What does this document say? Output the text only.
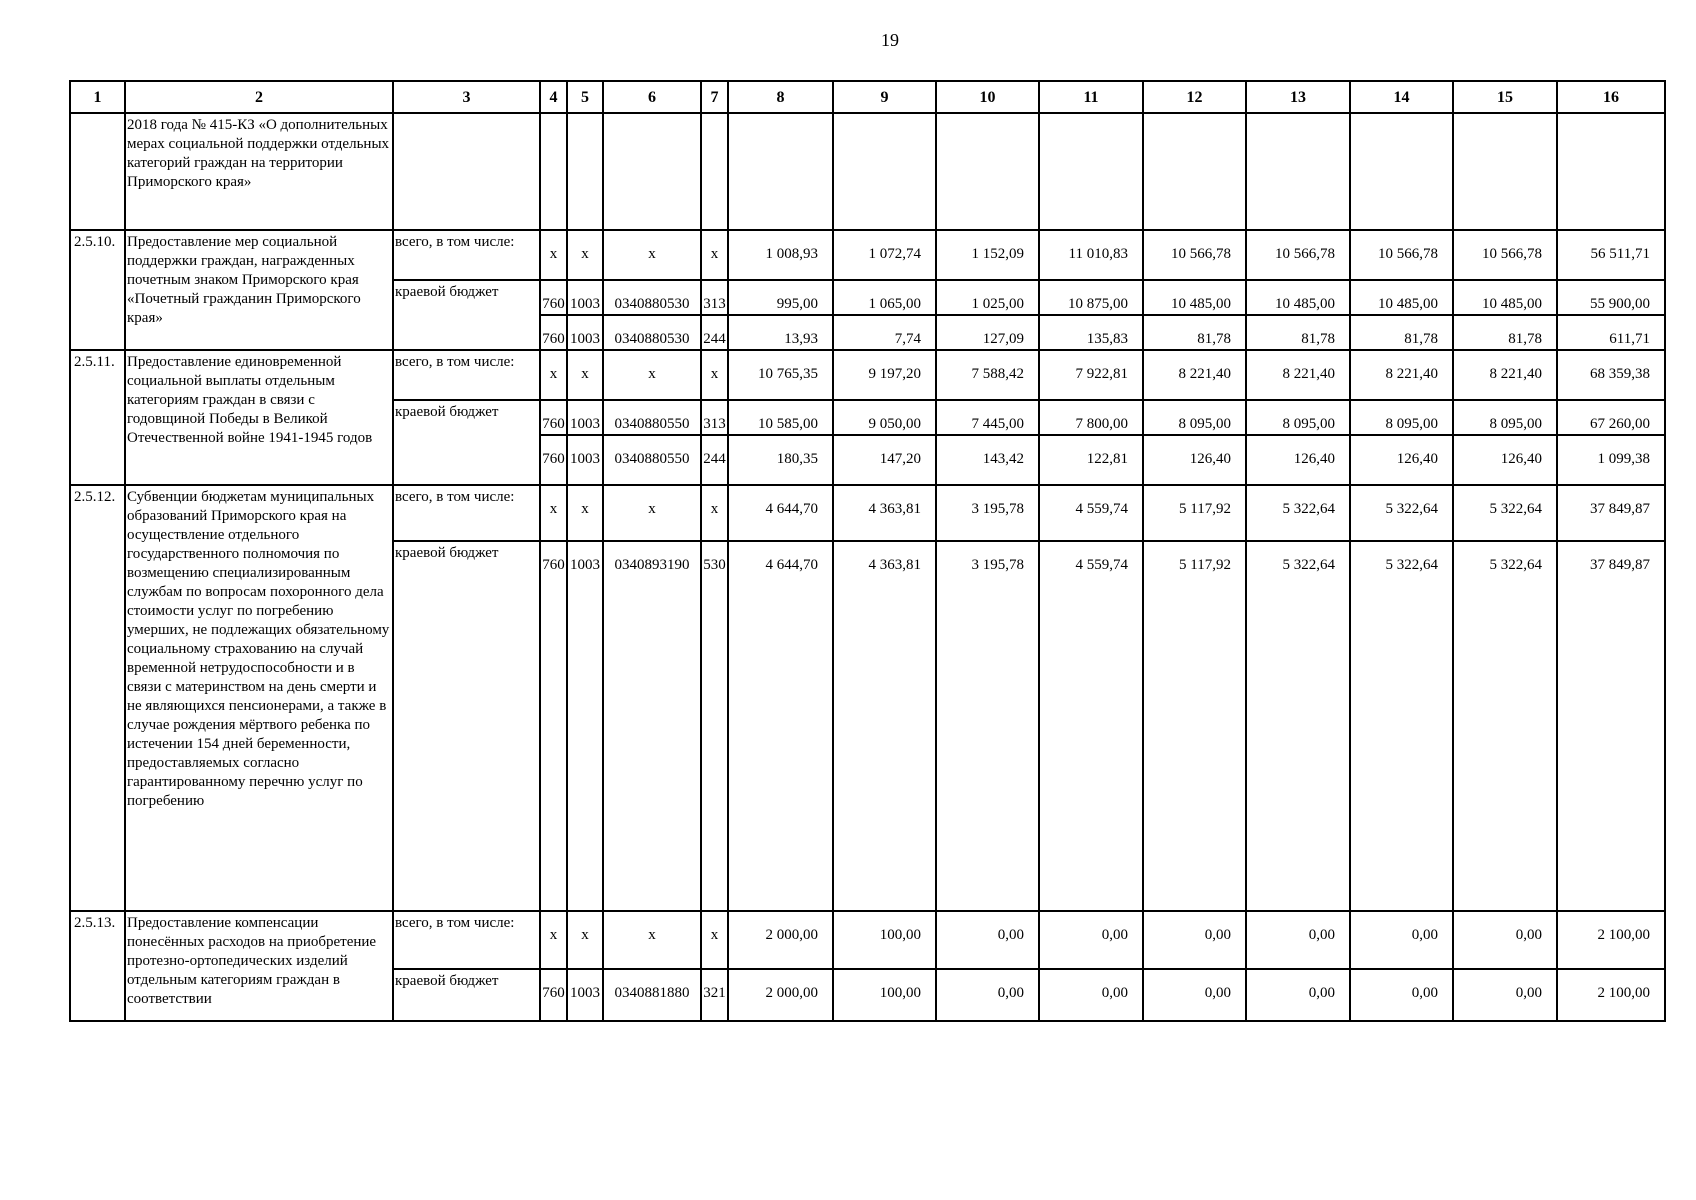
19
1	2	3	4	5	6	7	8	9	10	11	12	13	14	15	16
	2018 года № 415-КЗ «О дополнительных мерах социальной поддержки отдельных категорий граждан на территории Приморского края»														
2.5.10.	Предоставление мер социальной поддержки граждан, награжденных почетным знаком Приморского края «Почетный гражданин Приморского края»	всего, в том числе:	x	x	x	x	1 008,93	1 072,74	1 152,09	11 010,83	10 566,78	10 566,78	10 566,78	10 566,78	56 511,71
		краевой бюджет	760	1003	0340880530	313	995,00	1 065,00	1 025,00	10 875,00	10 485,00	10 485,00	10 485,00	10 485,00	55 900,00
			760	1003	0340880530	244	13,93	7,74	127,09	135,83	81,78	81,78	81,78	81,78	611,71
2.5.11.	Предоставление единовременной социальной выплаты отдельным категориям граждан в связи с годовщиной Победы в Великой Отечественной войне 1941-1945 годов	всего, в том числе:	x	x	x	x	10 765,35	9 197,20	7 588,42	7 922,81	8 221,40	8 221,40	8 221,40	8 221,40	68 359,38
		краевой бюджет	760	1003	0340880550	313	10 585,00	9 050,00	7 445,00	7 800,00	8 095,00	8 095,00	8 095,00	8 095,00	67 260,00
			760	1003	0340880550	244	180,35	147,20	143,42	122,81	126,40	126,40	126,40	126,40	1 099,38
2.5.12.	Субвенции бюджетам муниципальных образований Приморского края на осуществление отдельного государственного полномочия по возмещению специализированным службам по вопросам похоронного дела стоимости услуг по погребению умерших, не подлежащих обязательному социальному страхованию на случай временной нетрудоспособности и в связи с материнством на день смерти и не являющихся пенсионерами, а также в случае рождения мёртвого ребенка по истечении 154 дней беременности, предоставляемых согласно гарантированному перечню услуг по погребению	всего, в том числе:	x	x	x	x	4 644,70	4 363,81	3 195,78	4 559,74	5 117,92	5 322,64	5 322,64	5 322,64	37 849,87
		краевой бюджет	760	1003	0340893190	530	4 644,70	4 363,81	3 195,78	4 559,74	5 117,92	5 322,64	5 322,64	5 322,64	37 849,87
2.5.13.	Предоставление компенсации понесённых расходов на приобретение протезно-ортопедических изделий отдельным категориям граждан в соответствии	всего, в том числе:	x	x	x	x	2 000,00	100,00	0,00	0,00	0,00	0,00	0,00	0,00	2 100,00
		краевой бюджет	760	1003	0340881880	321	2 000,00	100,00	0,00	0,00	0,00	0,00	0,00	0,00	2 100,00
